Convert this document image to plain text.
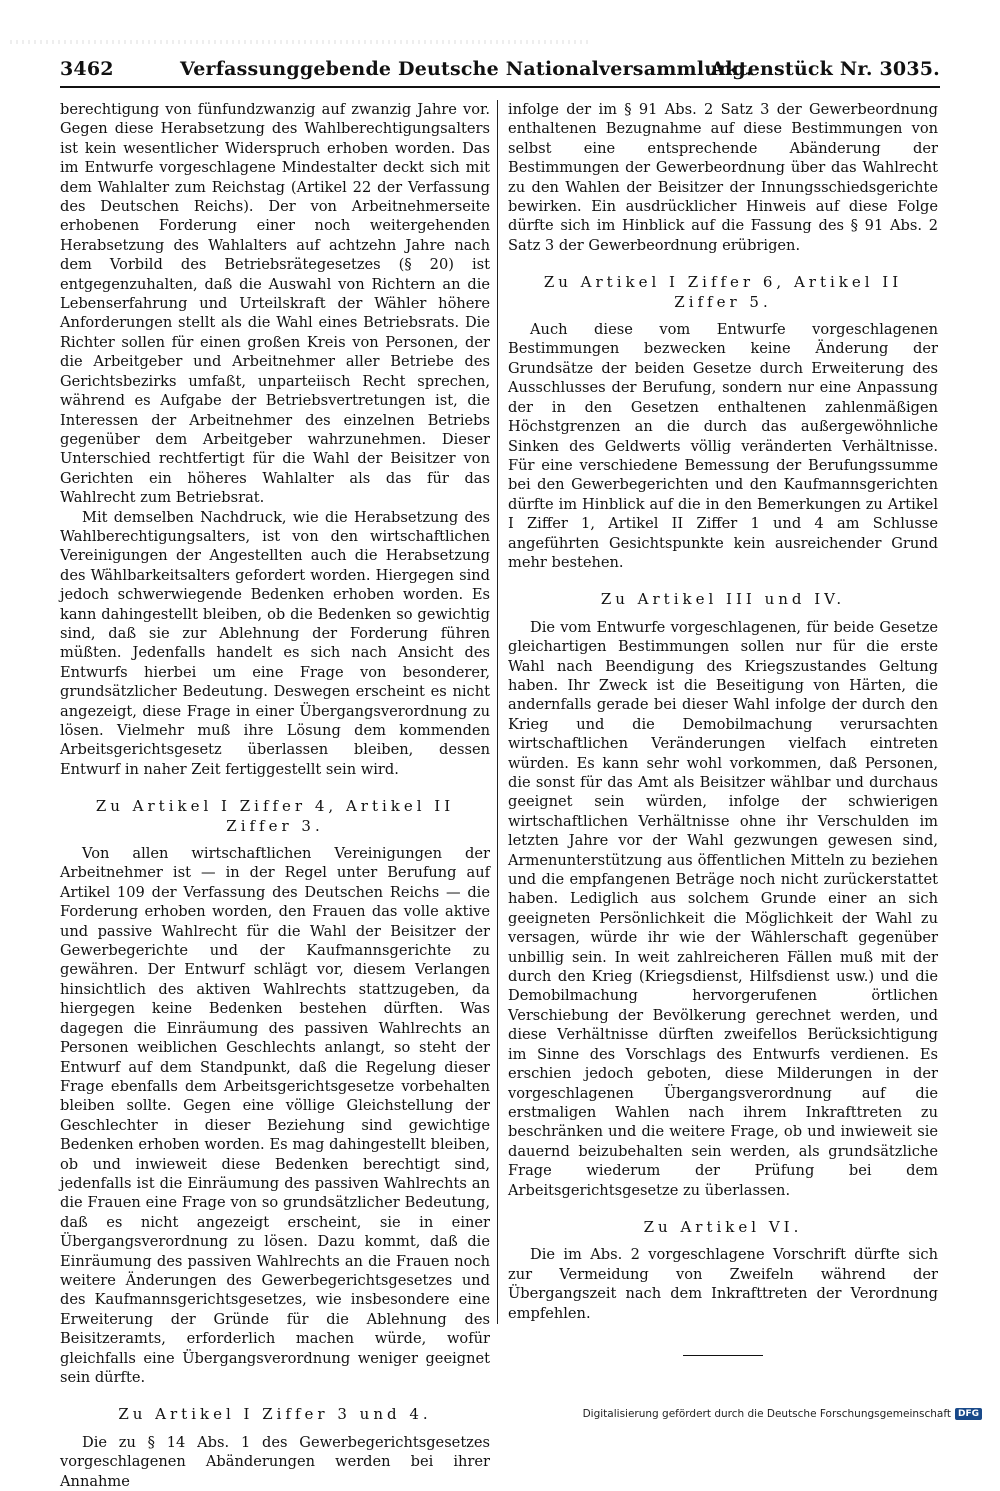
3462	Verfassunggebende Deutsche Nationalversammlung.
Aktenstück Nr. 3035.

berechtigung von fünfundzwanzig auf zwanzig Jahre vor. Gegen diese Herabsetzung des Wahlberechtigungsalters ist kein wesentlicher Widerspruch erhoben worden. Das im Entwurfe vorgeschlagene Mindestalter deckt sich mit dem Wahlalter zum Reichstag (Artikel 22 der Verfassung des Deutschen Reichs). Der von Arbeitnehmerseite erhobenen Forderung einer noch weitergehenden Herabsetzung des Wahlalters auf achtzehn Jahre nach dem Vorbild des Betriebsrätegesetzes (§ 20) ist entgegenzuhalten, daß die Auswahl von Richtern an die Lebenserfahrung und Urteilskraft der Wähler höhere Anforderungen stellt als die Wahl eines Betriebsrats. Die Richter sollen für einen großen Kreis von Personen, der die Arbeitgeber und Arbeitnehmer aller Betriebe des Gerichtsbezirks umfaßt, unparteiisch Recht sprechen, während es Aufgabe der Betriebsvertretungen ist, die Interessen der Arbeitnehmer des einzelnen Betriebs gegenüber dem Arbeitgeber wahrzunehmen. Dieser Unterschied rechtfertigt für die Wahl der Beisitzer von Gerichten ein höheres Wahlalter als das für das Wahlrecht zum Betriebsrat.

Mit demselben Nachdruck, wie die Herabsetzung des Wahlberechtigungsalters, ist von den wirtschaftlichen Vereinigungen der Angestellten auch die Herabsetzung des Wählbarkeitsalters gefordert worden. Hiergegen sind jedoch schwerwiegende Bedenken erhoben worden. Es kann dahingestellt bleiben, ob die Bedenken so gewichtig sind, daß sie zur Ablehnung der Forderung führen müßten. Jedenfalls handelt es sich nach Ansicht des Entwurfs hierbei um eine Frage von besonderer, grundsätzlicher Bedeutung. Deswegen erscheint es nicht angezeigt, diese Frage in einer Übergangsverordnung zu lösen. Vielmehr muß ihre Lösung dem kommenden Arbeitsgerichtsgesetz überlassen bleiben, dessen Entwurf in naher Zeit fertiggestellt sein wird.

Zu Artikel I Ziffer 4, Artikel II Ziffer 3.

Von allen wirtschaftlichen Vereinigungen der Arbeitnehmer ist — in der Regel unter Berufung auf Artikel 109 der Verfassung des Deutschen Reichs — die Forderung erhoben worden, den Frauen das volle aktive und passive Wahlrecht für die Wahl der Beisitzer der Gewerbegerichte und der Kaufmannsgerichte zu gewähren. Der Entwurf schlägt vor, diesem Verlangen hinsichtlich des aktiven Wahlrechts stattzugeben, da hiergegen keine Bedenken bestehen dürften. Was dagegen die Einräumung des passiven Wahlrechts an Personen weiblichen Geschlechts anlangt, so steht der Entwurf auf dem Standpunkt, daß die Regelung dieser Frage ebenfalls dem Arbeitsgerichtsgesetze vorbehalten bleiben sollte. Gegen eine völlige Gleichstellung der Geschlechter in dieser Beziehung sind gewichtige Bedenken erhoben worden. Es mag dahingestellt bleiben, ob und inwieweit diese Bedenken berechtigt sind, jedenfalls ist die Einräumung des passiven Wahlrechts an die Frauen eine Frage von so grundsätzlicher Bedeutung, daß es nicht angezeigt erscheint, sie in einer Übergangsverordnung zu lösen. Dazu kommt, daß die Einräumung des passiven Wahlrechts an die Frauen noch weitere Änderungen des Gewerbegerichtsgesetzes und des Kaufmannsgerichtsgesetzes, wie insbesondere eine Erweiterung der Gründe für die Ablehnung des Beisitzeramts, erforderlich machen würde, wofür gleichfalls eine Übergangsverordnung weniger geeignet sein dürfte.

Zu Artikel I Ziffer 3 und 4.

Die zu § 14 Abs. 1 des Gewerbegerichtsgesetzes vorgeschlagenen Abänderungen werden bei ihrer Annahme

infolge der im § 91 Abs. 2 Satz 3 der Gewerbeordnung enthaltenen Bezugnahme auf diese Bestimmungen von selbst eine entsprechende Abänderung der Bestimmungen der Gewerbeordnung über das Wahlrecht zu den Wahlen der Beisitzer der Innungsschiedsgerichte bewirken. Ein ausdrücklicher Hinweis auf diese Folge dürfte sich im Hinblick auf die Fassung des § 91 Abs. 2 Satz 3 der Gewerbeordnung erübrigen.

Zu Artikel I Ziffer 6, Artikel II Ziffer 5.

Auch diese vom Entwurfe vorgeschlagenen Bestimmungen bezwecken keine Änderung der Grundsätze der beiden Gesetze durch Erweiterung des Ausschlusses der Berufung, sondern nur eine Anpassung der in den Gesetzen enthaltenen zahlenmäßigen Höchstgrenzen an die durch das außergewöhnliche Sinken des Geldwerts völlig veränderten Verhältnisse. Für eine verschiedene Bemessung der Berufungssumme bei den Gewerbegerichten und den Kaufmannsgerichten dürfte im Hinblick auf die in den Bemerkungen zu Artikel I Ziffer 1, Artikel II Ziffer 1 und 4 am Schlusse angeführten Gesichtspunkte kein ausreichender Grund mehr bestehen.

Zu Artikel III und IV.

Die vom Entwurfe vorgeschlagenen, für beide Gesetze gleichartigen Bestimmungen sollen nur für die erste Wahl nach Beendigung des Kriegszustandes Geltung haben. Ihr Zweck ist die Beseitigung von Härten, die andernfalls gerade bei dieser Wahl infolge der durch den Krieg und die Demobilmachung verursachten wirtschaftlichen Veränderungen vielfach eintreten würden. Es kann sehr wohl vorkommen, daß Personen, die sonst für das Amt als Beisitzer wählbar und durchaus geeignet sein würden, infolge der schwierigen wirtschaftlichen Verhältnisse ohne ihr Verschulden im letzten Jahre vor der Wahl gezwungen gewesen sind, Armenunterstützung aus öffentlichen Mitteln zu beziehen und die empfangenen Beträge noch nicht zurückerstattet haben. Lediglich aus solchem Grunde einer an sich geeigneten Persönlichkeit die Möglichkeit der Wahl zu versagen, würde ihr wie der Wählerschaft gegenüber unbillig sein. In weit zahlreicheren Fällen muß mit der durch den Krieg (Kriegsdienst, Hilfsdienst usw.) und die Demobilmachung hervorgerufenen örtlichen Verschiebung der Bevölkerung gerechnet werden, und diese Verhältnisse dürften zweifellos Berücksichtigung im Sinne des Vorschlags des Entwurfs verdienen. Es erschien jedoch geboten, diese Milderungen in der vorgeschlagenen Übergangsverordnung auf die erstmaligen Wahlen nach ihrem Inkrafttreten zu beschränken und die weitere Frage, ob und inwieweit sie dauernd beizubehalten sein werden, als grundsätzliche Frage wiederum der Prüfung bei dem Arbeitsgerichtsgesetze zu überlassen.

Zu Artikel VI.

Die im Abs. 2 vorgeschlagene Vorschrift dürfte sich zur Vermeidung von Zweifeln während der Übergangszeit nach dem Inkrafttreten der Verordnung empfehlen.

Digitalisierung gefördert durch die Deutsche Forschungsgemeinschaft DFG
